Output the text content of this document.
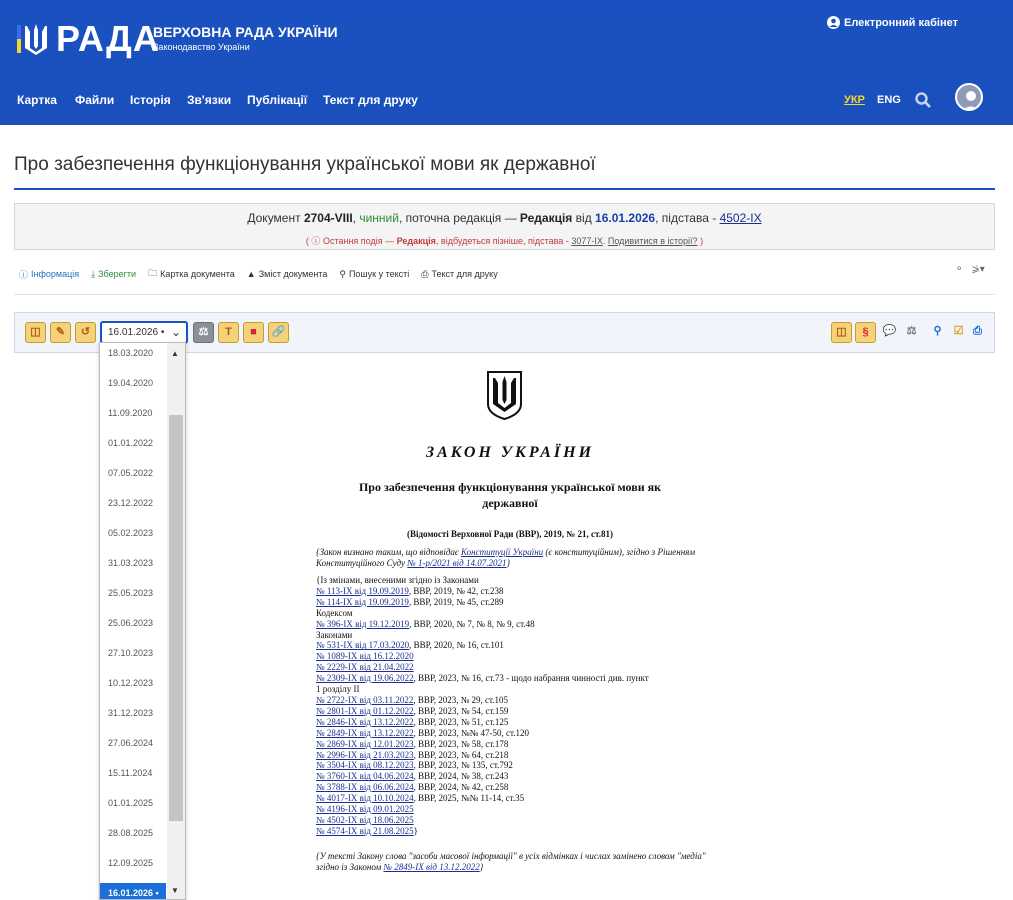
РАДА
ВЕРХОВНА РАДА УКРАЇНИ
Законодавство України
Електронний кабінет
Картка Файли Історія Зв'язки Публікації Текст для друку	УКР ENG
Про забезпечення функціонування української мови як державної
Документ 2704-VIII, чинний, поточна редакція — Редакція від 16.01.2026, підстава - 4502-IX
( ⓘ Остання подія — Редакція, відбудеться пізніше, підстава - 3077-IX. Подивитися в історії? )
ⓘ Інформація ⤓ Зберегти 🗀 Картка документа ▲ Зміст документа ⚲ Пошук у тексті ⎙ Текст для друку	⚬ ⪂▾
◫	✎	↺	16.01.2026 • ⌄	⚖	T	■	🔗	◫	§	💬 ⚖	⚲	☑ ⎙
18.03.2020
19.04.2020
11.09.2020
01.01.2022
07.05.2022
23.12.2022
05.02.2023
31.03.2023
25.05.2023
25.06.2023
27.10.2023
10.12.2023
31.12.2023
27.06.2024
15.11.2024
01.01.2025
28.08.2025
12.09.2025
16.01.2026 •
▲
▼
ЗАКОН УКРАЇНИ
Про забезпечення функціонування української мови як державної
(Відомості Верховної Ради (ВВР), 2019, № 21, ст.81)
{Закон визнано таким, що відповідає Конституції України (є конституційним), згідно з Рішенням Конституційного Суду № 1-р/2021 від 14.07.2021}
{Із змінами, внесеними згідно із Законами
№ 113-IX від 19.09.2019, ВВР, 2019, № 42, ст.238
№ 114-IX від 19.09.2019, ВВР, 2019, № 45, ст.289
Кодексом
№ 396-IX від 19.12.2019, ВВР, 2020, № 7, № 8, № 9, ст.48
Законами
№ 531-IX від 17.03.2020, ВВР, 2020, № 16, ст.101
№ 1089-IX від 16.12.2020
№ 2229-IX від 21.04.2022
№ 2309-IX від 19.06.2022, ВВР, 2023, № 16, ст.73 - щодо набрання чинності див. пункт
1 розділу II
№ 2722-IX від 03.11.2022, ВВР, 2023, № 29, ст.105
№ 2801-IX від 01.12.2022, ВВР, 2023, № 54, ст.159
№ 2846-IX від 13.12.2022, ВВР, 2023, № 51, ст.125
№ 2849-IX від 13.12.2022, ВВР, 2023, №№ 47-50, ст.120
№ 2869-IX від 12.01.2023, ВВР, 2023, № 58, ст.178
№ 2996-IX від 21.03.2023, ВВР, 2023, № 64, ст.218
№ 3504-IX від 08.12.2023, ВВР, 2023, № 135, ст.792
№ 3760-IX від 04.06.2024, ВВР, 2024, № 38, ст.243
№ 3788-IX від 06.06.2024, ВВР, 2024, № 42, ст.258
№ 4017-IX від 10.10.2024, ВВР, 2025, №№ 11-14, ст.35
№ 4196-IX від 09.01.2025
№ 4502-IX від 18.06.2025
№ 4574-IX від 21.08.2025}
{У тексті Закону слова "засоби масової інформації" в усіх відмінках і числах замінено словом "медіа" згідно із Законом № 2849-IX від 13.12.2022}
